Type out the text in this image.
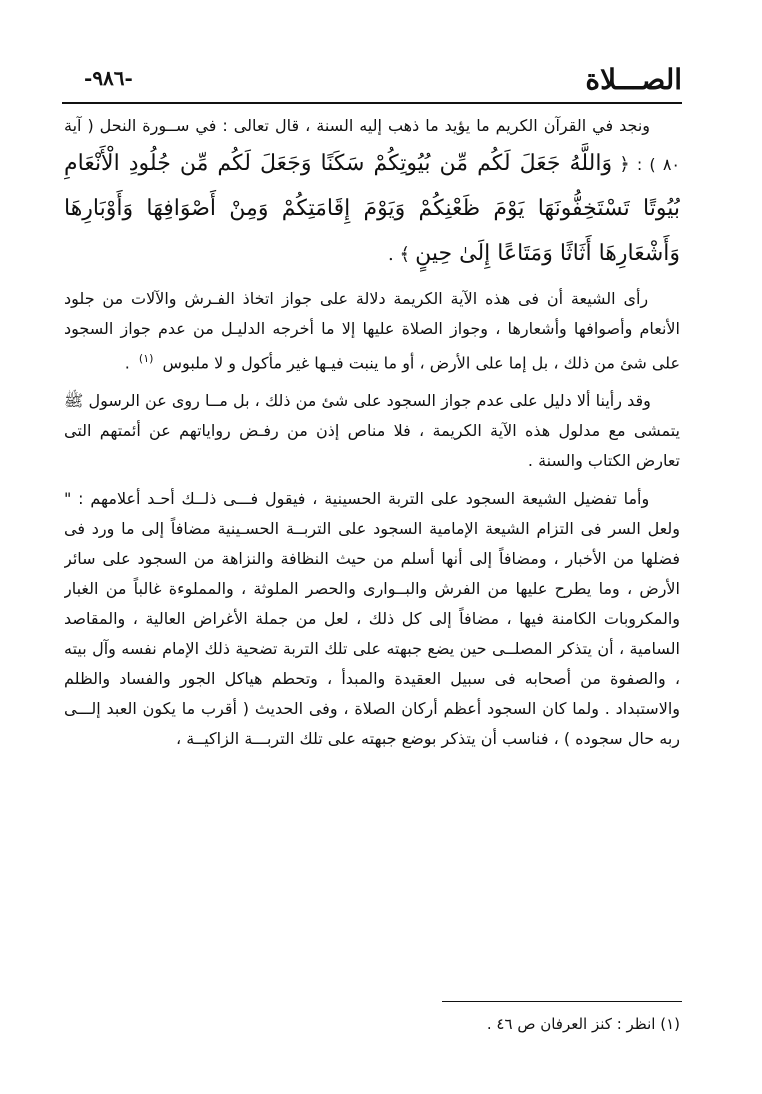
الصـــلاة
-٩٨٦-

ونجد في القرآن الكريم ما يؤيد ما ذهب إليه السنة ، قال تعالى : في ســورة النحل ( آية ٨٠ ) : ﴿ وَاللَّهُ جَعَلَ لَكُم مِّن بُيُوتِكُمْ سَكَنًا وَجَعَلَ لَكُم مِّن جُلُودِ الْأَنْعَامِ بُيُوتًا تَسْتَخِفُّونَهَا يَوْمَ ظَعْنِكُمْ وَيَوْمَ إِقَامَتِكُمْ وَمِنْ أَصْوَافِهَا وَأَوْبَارِهَا وَأَشْعَارِهَا أَثَاثًا وَمَتَاعًا إِلَىٰ حِينٍ ﴾ .

رأى الشيعة أن فى هذه الآية الكريمة دلالة على جواز اتخاذ الفـرش والآلات من جلود الأنعام وأصوافها وأشعارها ، وجواز الصلاة عليها إلا ما أخرجه الدليـل من عدم جواز السجود على شئ من ذلك ، بل إما على الأرض ، أو ما ينبت فيـها غير مأكول و لا ملبوس $^{(١)}$ .

وقد رأينا ألا دليل على عدم جواز السجود على شئ من ذلك ، بل مــا روى عن الرسول ﷺ يتمشى مع مدلول هذه الآية الكريمة ، فلا مناص إذن من رفـض رواياتهم عن أئمتهم التى تعارض الكتاب والسنة .

وأما تفضيل الشيعة السجود على التربة الحسينية ، فيقول فـــى ذلــك أحـد أعلامهم : " ولعل السر فى التزام الشيعة الإمامية السجود على التربــة الحسـينية مضافاً إلى ما ورد فى فضلها من الأخبار ، ومضافاً إلى أنها أسلم من حيث النظافة والنزاهة من السجود على سائر الأرض ، وما يطرح عليها من الفرش والبــوارى والحصر الملوثة ، والمملوءة غالباً من الغبار والمكروبات الكامنة فيها ، مضافاً إلى كل ذلك ، لعل من جملة الأغراض العالية ، والمقاصد السامية ، أن يتذكر المصلــى حين يضع جبهته على تلك التربة تضحية ذلك الإمام نفسه وآل بيته ، والصفوة من أصحابه فى سبيل العقيدة والمبدأ ، وتحطم هياكل الجور والفساد والظلم والاستبداد . ولما كان السجود أعظم أركان الصلاة ، وفى الحديث ( أقرب ما يكون العبد إلـــى ربه حال سجوده ) ، فناسب أن يتذكر بوضع جبهته على تلك التربـــة الزاكيــة ،

(١) انظر : كنز العرفان ص ٤٦ .
